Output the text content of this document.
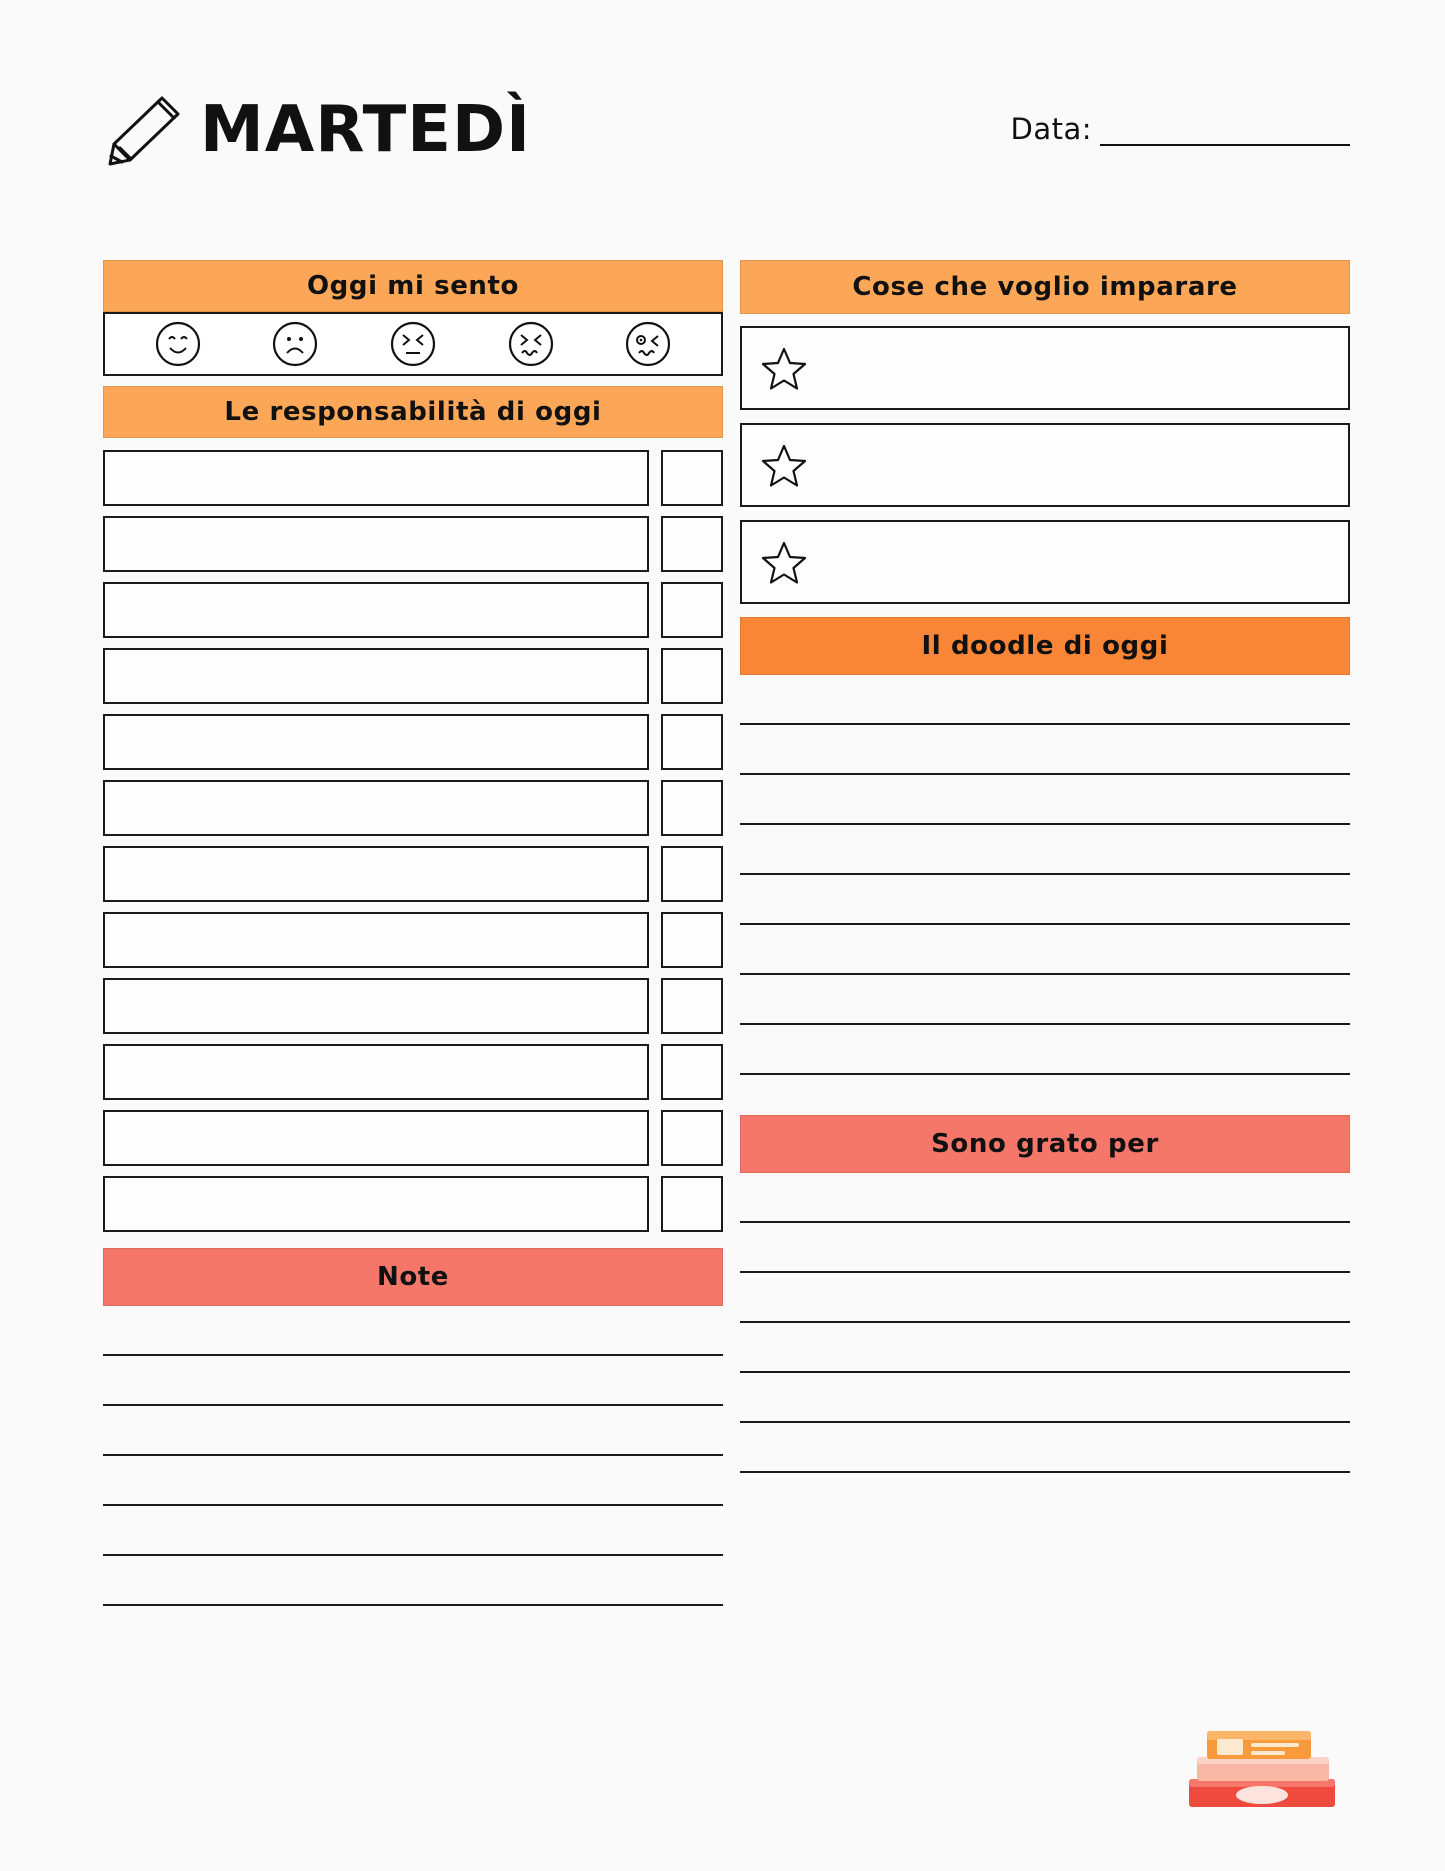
MARTEDÌ	Data:
Oggi mi sento
Le responsabilità di oggi
Note
Cose che voglio imparare
Il doodle di oggi
Sono grato per
